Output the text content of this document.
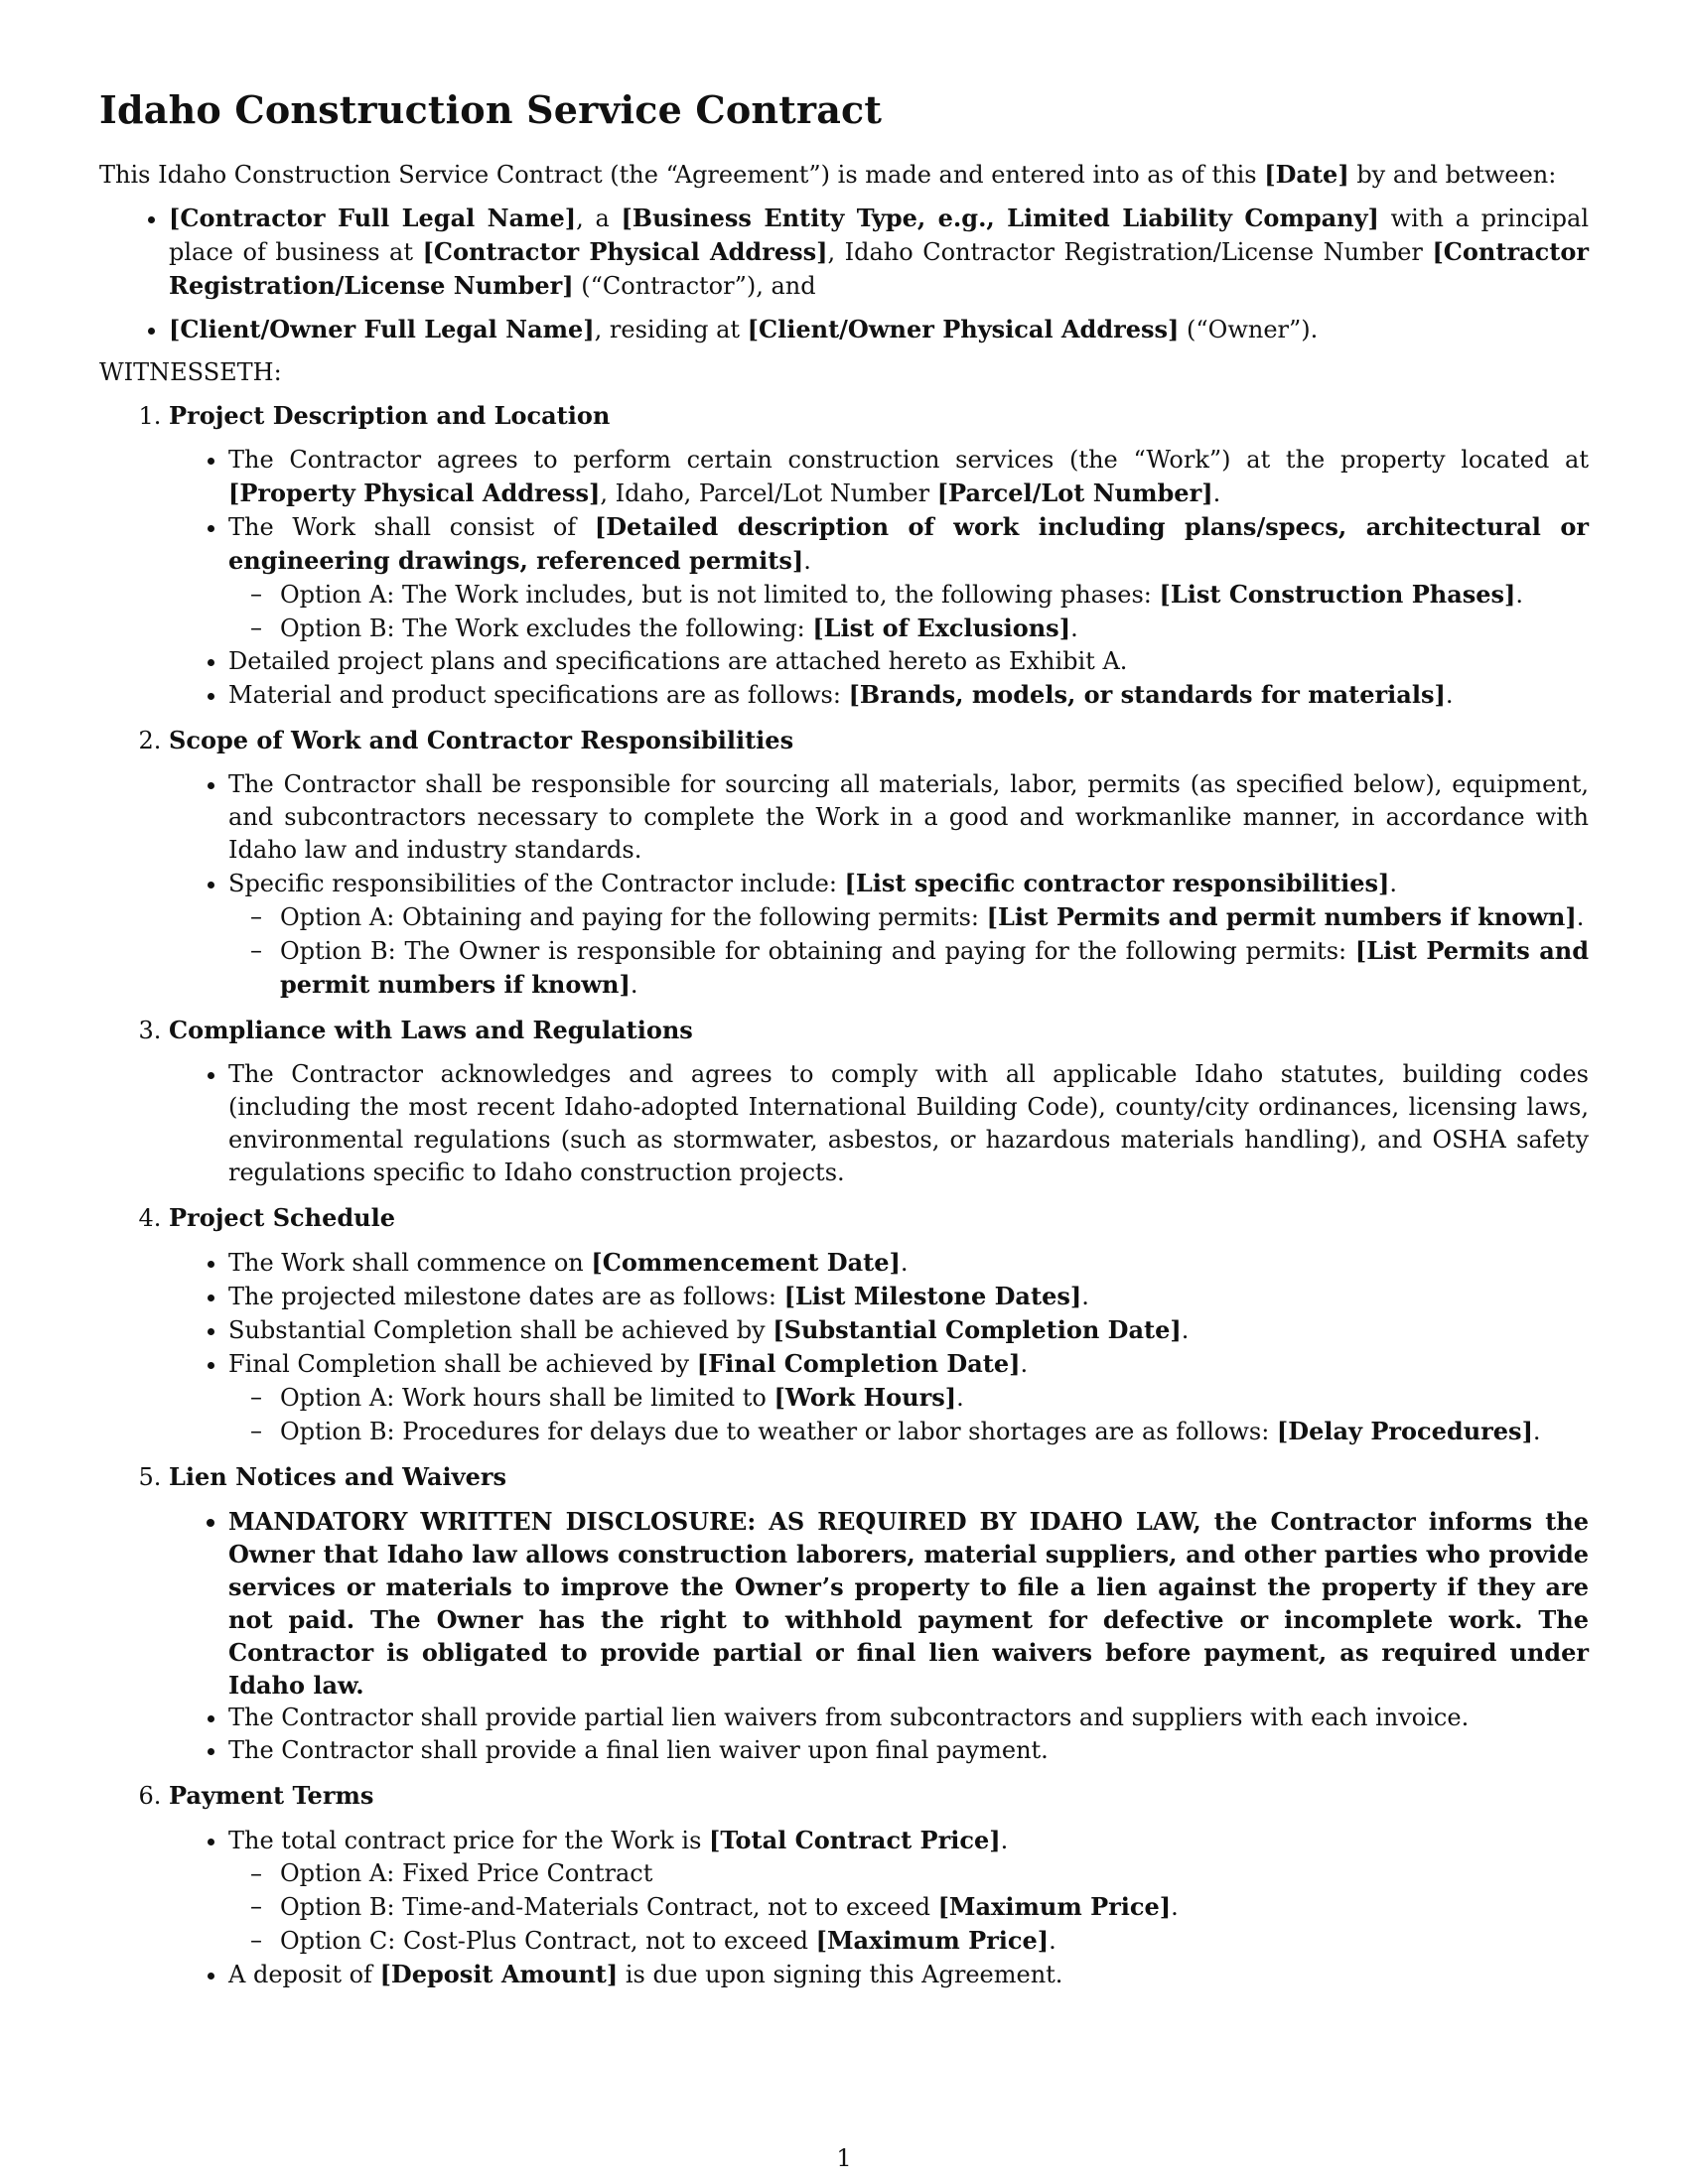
Idaho Construction Service Contract

This Idaho Construction Service Contract (the “Agreement”) is made and entered into as of this [Date] by and between:

• [Contractor Full Legal Name], a [Business Entity Type, e.g., Limited Liability Company] with a principal place of business at [Contractor Physical Address], Idaho Contractor Registration/License Number [Contractor Registration/License Number] (“Contractor”), and
• [Client/Owner Full Legal Name], residing at [Client/Owner Physical Address] (“Owner”).

WITNESSETH:

1. Project Description and Location
• The Contractor agrees to perform certain construction services (the “Work”) at the property located at [Property Physical Address], Idaho, Parcel/Lot Number [Parcel/Lot Number].
• The Work shall consist of [Detailed description of work including plans/specs, architectural or engineering drawings, referenced permits].
– Option A: The Work includes, but is not limited to, the following phases: [List Construction Phases].
– Option B: The Work excludes the following: [List of Exclusions].
• Detailed project plans and specifications are attached hereto as Exhibit A.
• Material and product specifications are as follows: [Brands, models, or standards for materials].
2. Scope of Work and Contractor Responsibilities
• The Contractor shall be responsible for sourcing all materials, labor, permits (as specified below), equipment, and subcontractors necessary to complete the Work in a good and workmanlike manner, in accordance with Idaho law and industry standards.
• Specific responsibilities of the Contractor include: [List specific contractor responsibilities].
– Option A: Obtaining and paying for the following permits: [List Permits and permit numbers if known].
– Option B: The Owner is responsible for obtaining and paying for the following permits: [List Permits and permit numbers if known].
3. Compliance with Laws and Regulations
• The Contractor acknowledges and agrees to comply with all applicable Idaho statutes, building codes (including the most recent Idaho-adopted International Building Code), county/city ordinances, licensing laws, environmental regulations (such as stormwater, asbestos, or hazardous materials handling), and OSHA safety regulations specific to Idaho construction projects.
4. Project Schedule
• The Work shall commence on [Commencement Date].
• The projected milestone dates are as follows: [List Milestone Dates].
• Substantial Completion shall be achieved by [Substantial Completion Date].
• Final Completion shall be achieved by [Final Completion Date].
– Option A: Work hours shall be limited to [Work Hours].
– Option B: Procedures for delays due to weather or labor shortages are as follows: [Delay Procedures].
5. Lien Notices and Waivers
• MANDATORY WRITTEN DISCLOSURE: AS REQUIRED BY IDAHO LAW, the Contractor informs the Owner that Idaho law allows construction laborers, material suppliers, and other parties who provide services or materials to improve the Owner’s property to file a lien against the property if they are not paid. The Owner has the right to withhold payment for defective or incomplete work. The Contractor is obligated to provide partial or final lien waivers before payment, as required under Idaho law.
• The Contractor shall provide partial lien waivers from subcontractors and suppliers with each invoice.
• The Contractor shall provide a final lien waiver upon final payment.
6. Payment Terms
• The total contract price for the Work is [Total Contract Price].
– Option A: Fixed Price Contract
– Option B: Time-and-Materials Contract, not to exceed [Maximum Price].
– Option C: Cost-Plus Contract, not to exceed [Maximum Price].
• A deposit of [Deposit Amount] is due upon signing this Agreement.
1
